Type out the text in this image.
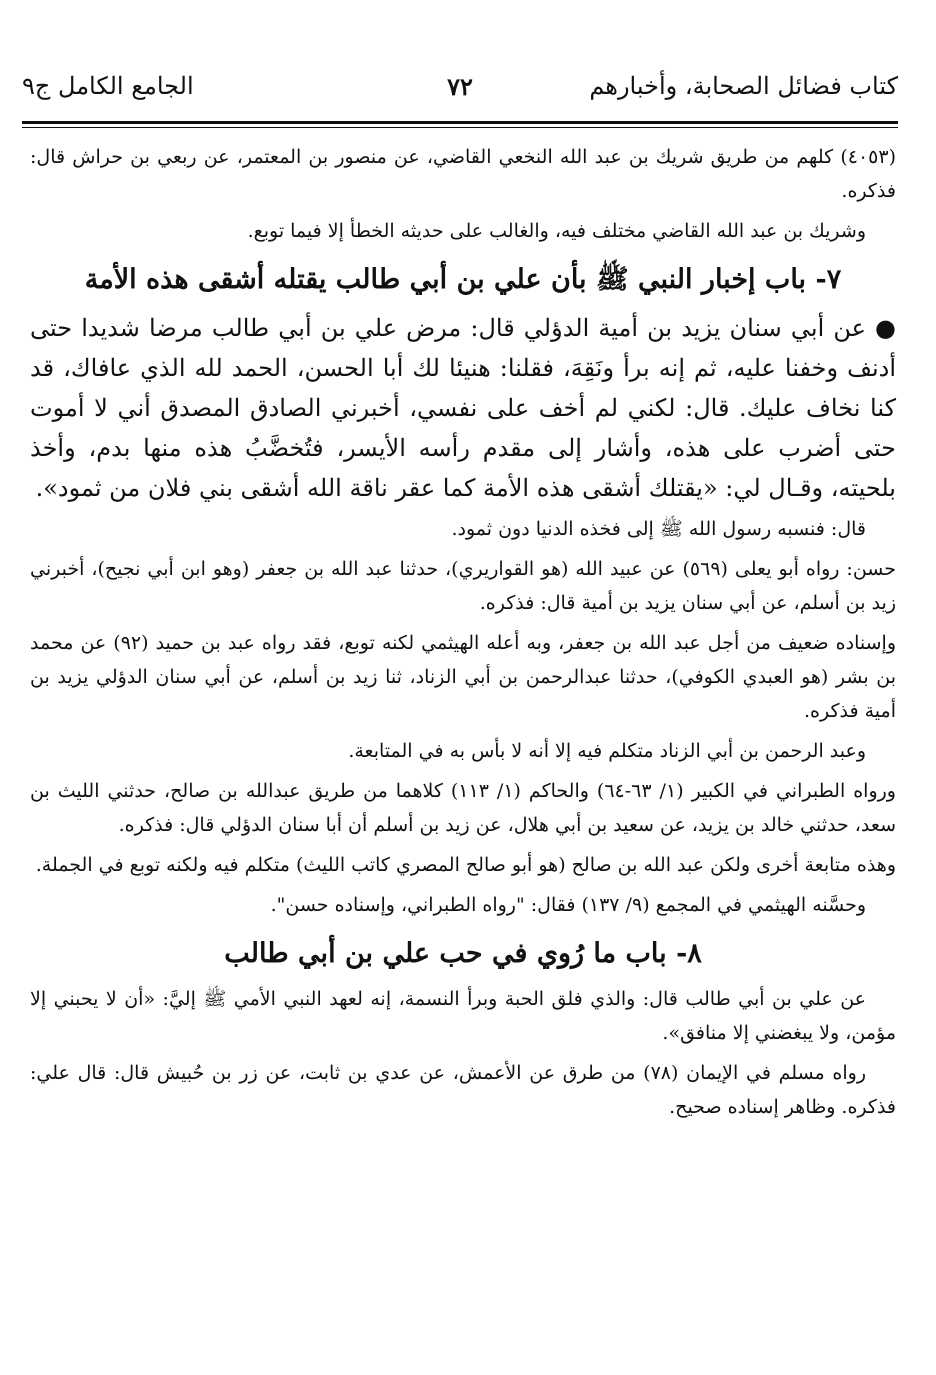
كتاب فضائل الصحابة، وأخبارهم
٧٢
الجامع الكامل ج٩

(٤٠٥٣) كلهم من طريق شريك بن عبد الله النخعي القاضي، عن منصور بن المعتمر، عن ربعي بن حراش قال: فذكره.

وشريك بن عبد الله القاضي مختلف فيه، والغالب على حديثه الخطأ إلا فيما توبع.

٧- باب إخبار النبي ﷺ بأن علي بن أبي طالب يقتله أشقى هذه الأمة

● عن أبي سنان يزيد بن أمية الدؤلي قال: مرض علي بن أبي طالب مرضا شديدا حتى أدنف وخفنا عليه، ثم إنه برأ ونَقِهَ، فقلنا: هنيئا لك أبا الحسن، الحمد لله الذي عافاك، قد كنا نخاف عليك. قال: لكني لم أخف على نفسي، أخبرني الصادق المصدق أني لا أموت حتى أضرب على هذه، وأشار إلى مقدم رأسه الأيسر، فتُخضَّبُ هذه منها بدم، وأخذ بلحيته، وقـال لي: «يقتلك أشقى هذه الأمة كما عقر ناقة الله أشقى بني فلان من ثمود».

قال: فنسبه رسول الله ﷺ إلى فخذه الدنيا دون ثمود.

حسن: رواه أبو يعلى (٥٦٩) عن عبيد الله (هو القواريري)، حدثنا عبد الله بن جعفر (وهو ابن أبي نجيح)، أخبرني زيد بن أسلم، عن أبي سنان يزيد بن أمية قال: فذكره.

وإسناده ضعيف من أجل عبد الله بن جعفر، وبه أعله الهيثمي لكنه توبع، فقد رواه عبد بن حميد (٩٢) عن محمد بن بشر (هو العبدي الكوفي)، حدثنا عبدالرحمن بن أبي الزناد، ثنا زيد بن أسلم، عن أبي سنان الدؤلي يزيد بن أمية فذكره.

وعبد الرحمن بن أبي الزناد متكلم فيه إلا أنه لا بأس به في المتابعة.

ورواه الطبراني في الكبير (١/ ٦٣-٦٤) والحاكم (١/ ١١٣) كلاهما من طريق عبدالله بن صالح، حدثني الليث بن سعد، حدثني خالد بن يزيد، عن سعيد بن أبي هلال، عن زيد بن أسلم أن أبا سنان الدؤلي قال: فذكره.

وهذه متابعة أخرى ولكن عبد الله بن صالح (هو أبو صالح المصري كاتب الليث) متكلم فيه ولكنه توبع في الجملة.

وحسَّنه الهيثمي في المجمع (٩/ ١٣٧) فقال: "رواه الطبراني، وإسناده حسن".

٨- باب ما رُوي في حب علي بن أبي طالب

عن علي بن أبي طالب قال: والذي فلق الحبة وبرأ النسمة، إنه لعهد النبي الأمي ﷺ إليَّ: «أن لا يحبني إلا مؤمن، ولا يبغضني إلا منافق».

رواه مسلم في الإيمان (٧٨) من طرق عن الأعمش، عن عدي بن ثابت، عن زر بن حُبيش قال: قال علي: فذكره. وظاهر إسناده صحيح.
